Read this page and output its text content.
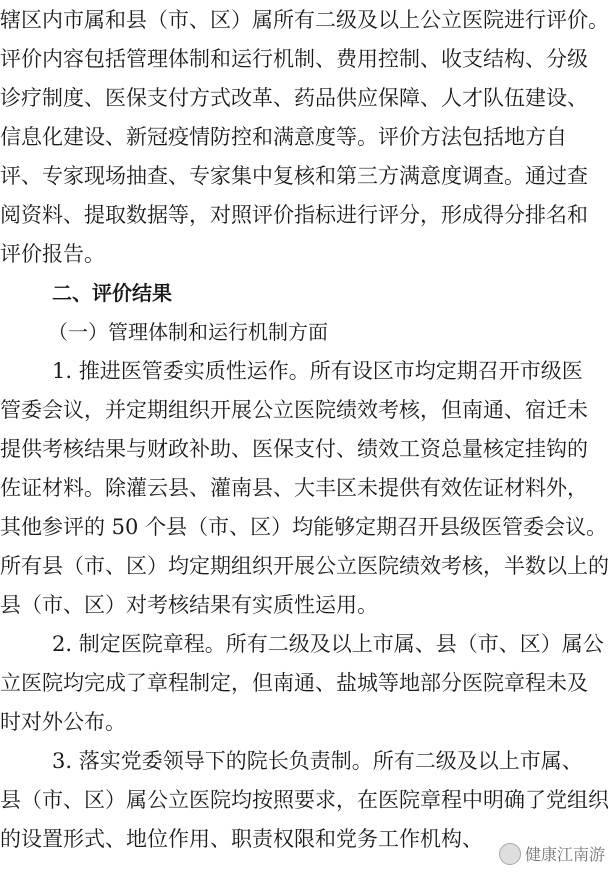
辖区内市属和县（市、区）属所有二级及以上公立医院进行评价。
评价内容包括管理体制和运行机制、费用控制、收支结构、分级
诊疗制度、医保支付方式改革、药品供应保障、人才队伍建设、
信息化建设、新冠疫情防控和满意度等。评价方法包括地方自
评、专家现场抽查、专家集中复核和第三方满意度调查。通过查
阅资料、提取数据等，对照评价指标进行评分，形成得分排名和
评价报告。
二、评价结果
（一）管理体制和运行机制方面
1. 推进医管委实质性运作。所有设区市均定期召开市级医
管委会议，并定期组织开展公立医院绩效考核，但南通、宿迁未
提供考核结果与财政补助、医保支付、绩效工资总量核定挂钩的
佐证材料。除灌云县、灌南县、大丰区未提供有效佐证材料外，
其他参评的 50 个县（市、区）均能够定期召开县级医管委会议。
所有县（市、区）均定期组织开展公立医院绩效考核，半数以上的
县（市、区）对考核结果有实质性运用。
2. 制定医院章程。所有二级及以上市属、县（市、区）属公
立医院均完成了章程制定，但南通、盐城等地部分医院章程未及
时对外公布。
3. 落实党委领导下的院长负责制。所有二级及以上市属、
县（市、区）属公立医院均按照要求，在医院章程中明确了党组织
的设置形式、地位作用、职责权限和党务工作机构、
健康江南游
